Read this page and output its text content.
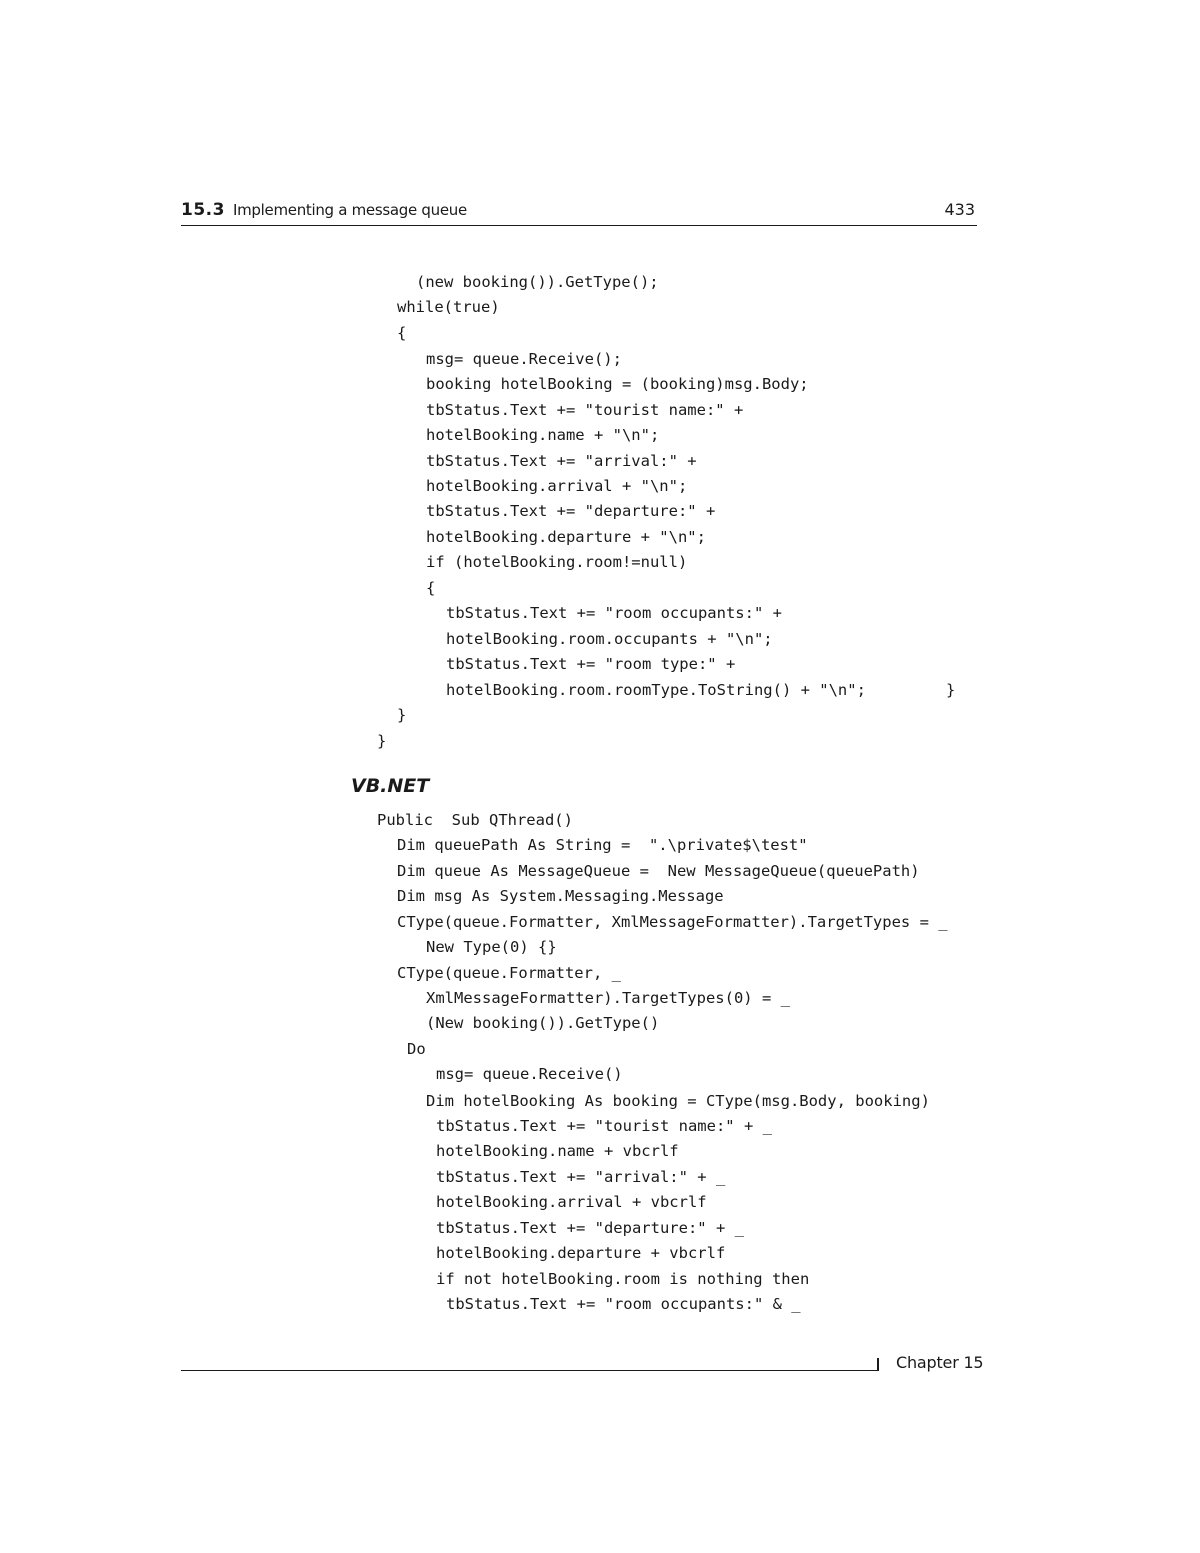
15.3 Implementing a message queue	433
(new booking()).GetType();
while(true)
{
msg= queue.Receive();
booking hotelBooking = (booking)msg.Body;
tbStatus.Text += "tourist name:" +
hotelBooking.name + "\n";
tbStatus.Text += "arrival:" +
hotelBooking.arrival + "\n";
tbStatus.Text += "departure:" +
hotelBooking.departure + "\n";
if (hotelBooking.room!=null)
{
tbStatus.Text += "room occupants:" +
hotelBooking.room.occupants + "\n";
tbStatus.Text += "room type:" +
hotelBooking.room.roomType.ToString() + "\n";	}
}
}
VB.NET
Public  Sub QThread()
Dim queuePath As String =  ".\private$\test"
Dim queue As MessageQueue =  New MessageQueue(queuePath)
Dim msg As System.Messaging.Message
CType(queue.Formatter, XmlMessageFormatter).TargetTypes = _
New Type(0) {}
CType(queue.Formatter, _
XmlMessageFormatter).TargetTypes(0) = _
(New booking()).GetType()
Do
msg= queue.Receive()
Dim hotelBooking As booking = CType(msg.Body, booking)
tbStatus.Text += "tourist name:" + _
hotelBooking.name + vbcrlf
tbStatus.Text += "arrival:" + _
hotelBooking.arrival + vbcrlf
tbStatus.Text += "departure:" + _
hotelBooking.departure + vbcrlf
if not hotelBooking.room is nothing then
tbStatus.Text += "room occupants:" & _
Chapter 15
